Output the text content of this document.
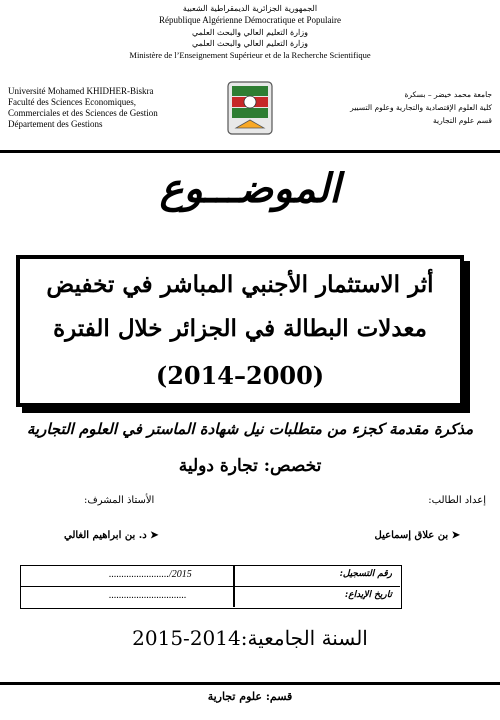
الجمهورية الجزائرية الديمقراطية الشعبية
République Algérienne Démocratique et Populaire
وزارة التعليم العالي والبحث العلمي
وزارة التعليم العالي والبحث العلمي
Ministère de l’Enseignement Supérieur et de la Recherche Scientifique
Université Mohamed KHIDHER-Biskra
Faculté des Sciences Economiques,
Commerciales et des Sciences de Gestion
Département des Gestions
جامعة محمد خيضر – بسكرة
كلية العلوم الإقتصادية والتجارية وعلوم التسيير
قسم علوم التجارية
الموضـــوع
أثر الاستثمار الأجنبي المباشر في تخفيض
معدلات البطالة في الجزائر خلال الفترة
(2014–2000)
مذكرة مقدمة كجزء من متطلبات نيل شهادة الماستر في العلوم التجارية
تخصص: تجارة دولية
إعداد الطالب:
الأستاذ المشرف:
➤ بن علاق إسماعيل
➤ د. بن ابراهيم الغالي
......................../2015	رقم التسجيل:
...............................	تاريخ الإيداع:
السنة الجامعية:2014-2015
قسم: علوم تجارية
